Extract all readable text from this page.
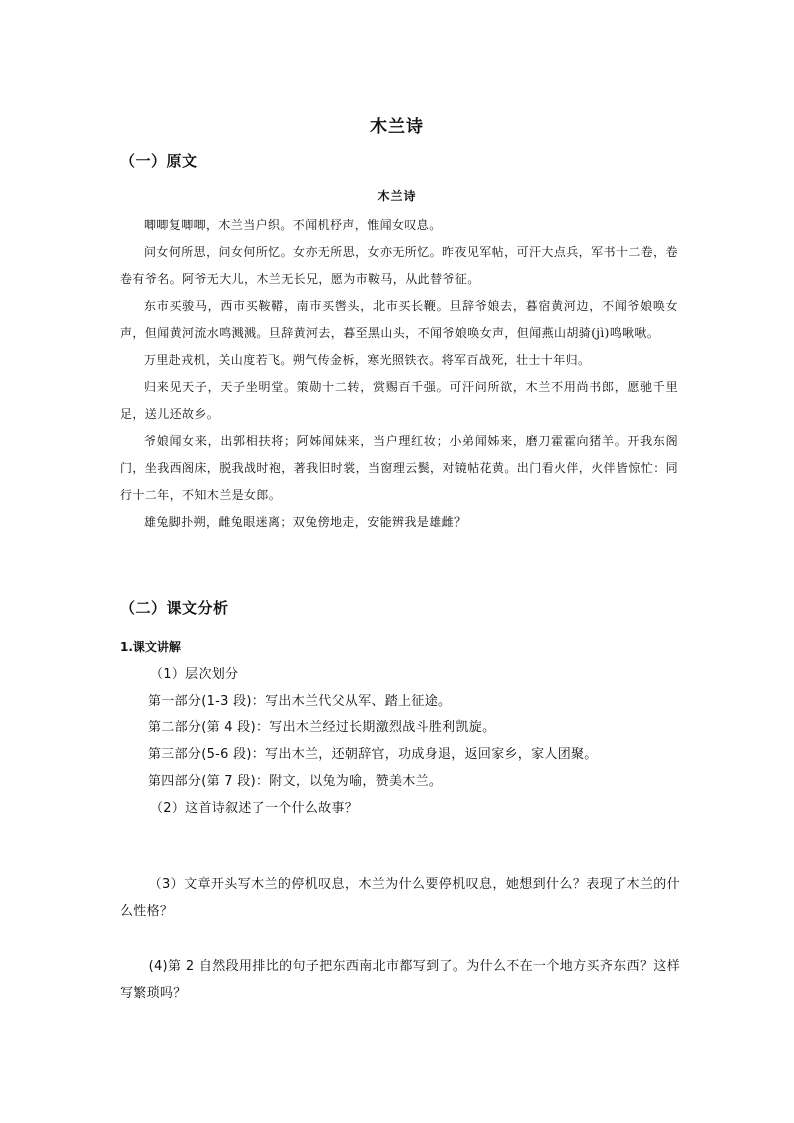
木兰诗
（一）原文
木兰诗

唧唧复唧唧，木兰当户织。不闻机杼声，惟闻女叹息。

问女何所思，问女何所忆。女亦无所思，女亦无所忆。昨夜见军帖，可汗大点兵，军书十二卷，卷卷有爷名。阿爷无大儿，木兰无长兄，愿为市鞍马，从此替爷征。

东市买骏马，西市买鞍鞯，南市买辔头，北市买长鞭。旦辞爷娘去，暮宿黄河边，不闻爷娘唤女声，但闻黄河流水鸣溅溅。旦辞黄河去，暮至黑山头，不闻爷娘唤女声，但闻燕山胡骑(jì)鸣啾啾。

万里赴戎机，关山度若飞。朔气传金柝，寒光照铁衣。将军百战死，壮士十年归。

归来见天子，天子坐明堂。策勋十二转，赏赐百千强。可汗问所欲，木兰不用尚书郎，愿驰千里足，送儿还故乡。

爷娘闻女来，出郭相扶将；阿姊闻妹来，当户理红妆；小弟闻姊来，磨刀霍霍向猪羊。开我东阁门，坐我西阁床，脱我战时袍，著我旧时裳，当窗理云鬓，对镜帖花黄。出门看火伴，火伴皆惊忙：同行十二年，不知木兰是女郎。

雄兔脚扑朔，雌兔眼迷离；双兔傍地走，安能辨我是雄雌？

（二）课文分析
1.课文讲解
（1）层次划分
第一部分(1-3 段)：写出木兰代父从军、踏上征途。
第二部分(第 4 段)：写出木兰经过长期激烈战斗胜利凯旋。
第三部分(5-6 段)：写出木兰，还朝辞官，功成身退，返回家乡，家人团聚。
第四部分(第 7 段)：附文，以兔为喻，赞美木兰。
（2）这首诗叙述了一个什么故事？
（3）文章开头写木兰的停机叹息，木兰为什么要停机叹息，她想到什么？表现了木兰的什么性格？
(4)第 2 自然段用排比的句子把东西南北市都写到了。为什么不在一个地方买齐东西？这样写繁琐吗？
